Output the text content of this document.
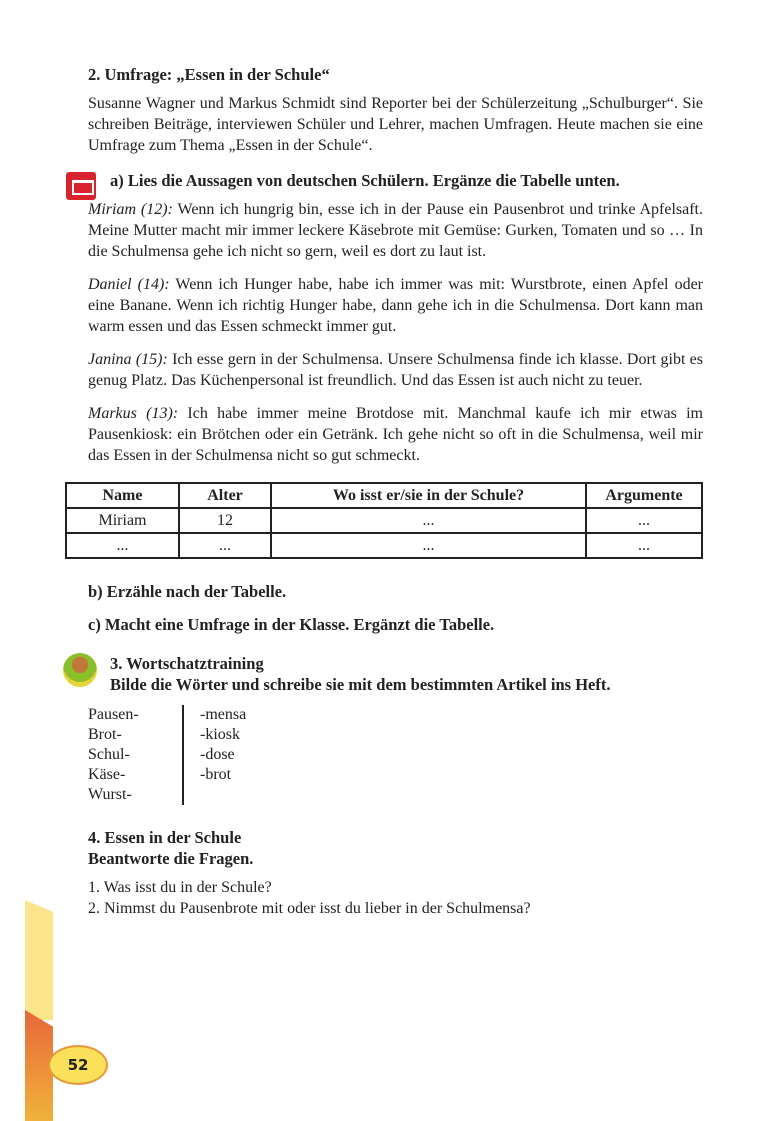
2. Umfrage: „Essen in der Schule“
Susanne Wagner und Markus Schmidt sind Reporter bei der Schülerzeitung „Schulburger“. Sie schreiben Beiträge, interviewen Schüler und Lehrer, machen Umfragen. Heute machen sie eine Umfrage zum Thema „Essen in der Schule“.
a) Lies die Aussagen von deutschen Schülern. Ergänze die Tabelle unten.
Miriam (12): Wenn ich hungrig bin, esse ich in der Pause ein Pausenbrot und trinke Apfelsaft. Meine Mutter macht mir immer leckere Käsebrote mit Gemüse: Gurken, Tomaten und so … In die Schulmensa gehe ich nicht so gern, weil es dort zu laut ist.
Daniel (14): Wenn ich Hunger habe, habe ich immer was mit: Wurstbrote, einen Apfel oder eine Banane. Wenn ich richtig Hunger habe, dann gehe ich in die Schulmensa. Dort kann man warm essen und das Essen schmeckt immer gut.
Janina (15): Ich esse gern in der Schulmensa. Unsere Schulmensa finde ich klasse. Dort gibt es genug Platz. Das Küchenpersonal ist freundlich. Und das Essen ist auch nicht zu teuer.
Markus (13): Ich habe immer meine Brotdose mit. Manchmal kaufe ich mir etwas im Pausenkiosk: ein Brötchen oder ein Getränk. Ich gehe nicht so oft in die Schulmensa, weil mir das Essen in der Schulmensa nicht so gut schmeckt.
Name	Alter	Wo isst er/sie in der Schule?	Argumente
Miriam	12	...	...
...	...	...	...
b) Erzähle nach der Tabelle.
c) Macht eine Umfrage in der Klasse. Ergänzt die Tabelle.
3. Wortschatztraining
Bilde die Wörter und schreibe sie mit dem bestimmten Artikel ins Heft.
Pausen-
Brot-
Schul-
Käse-
Wurst-
-mensa
-kiosk
-dose
-brot
4. Essen in der Schule
Beantworte die Fragen.
1. Was isst du in der Schule?
2. Nimmst du Pausenbrote mit oder isst du lieber in der Schulmensa?
52
